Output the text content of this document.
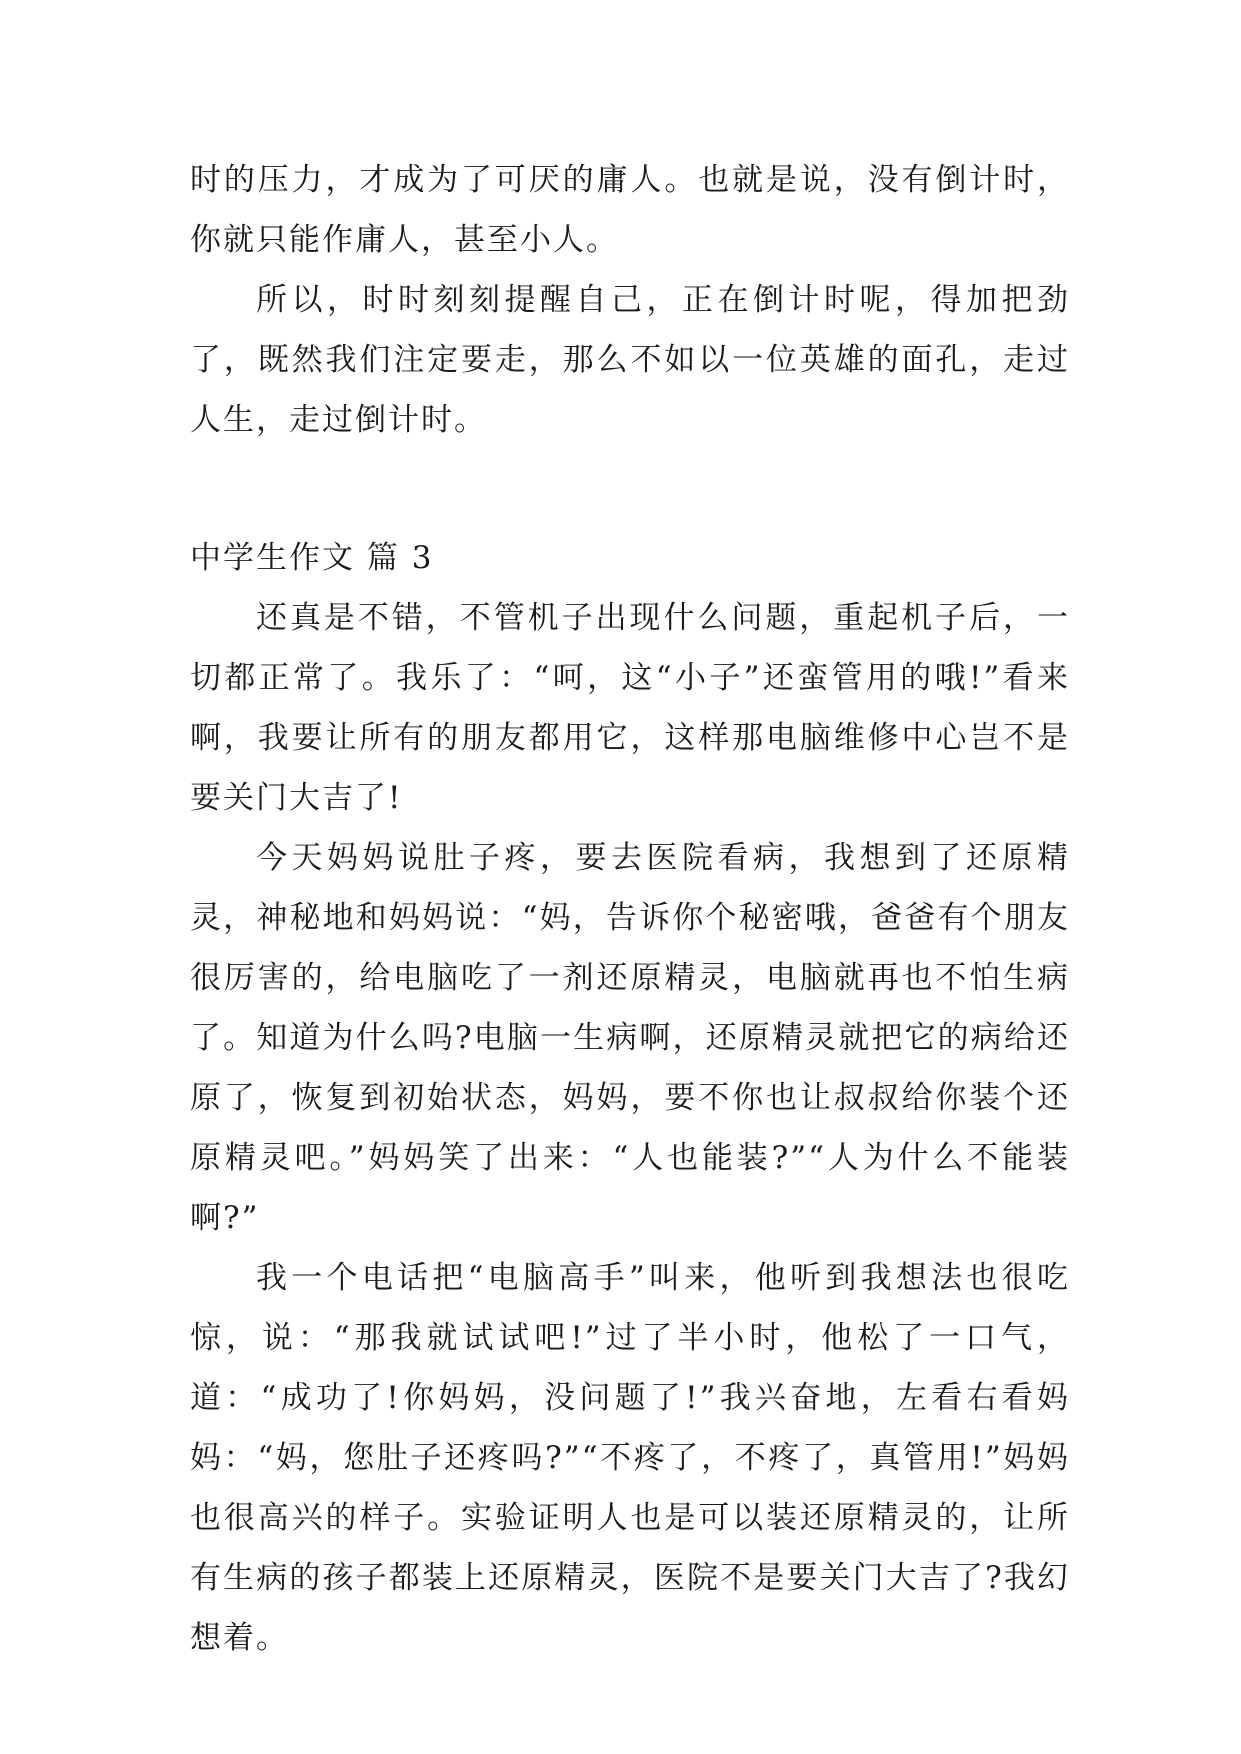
时的压力，才成为了可厌的庸人。也就是说，没有倒计时，你就只能作庸人，甚至小人。

所以，时时刻刻提醒自己，正在倒计时呢，得加把劲了，既然我们注定要走，那么不如以一位英雄的面孔，走过人生，走过倒计时。

中学生作文 篇 3

还真是不错，不管机子出现什么问题，重起机子后，一切都正常了。我乐了：“呵，这“小子”还蛮管用的哦!”看来啊，我要让所有的朋友都用它，这样那电脑维修中心岂不是要关门大吉了!

今天妈妈说肚子疼，要去医院看病，我想到了还原精灵，神秘地和妈妈说：“妈，告诉你个秘密哦，爸爸有个朋友很厉害的，给电脑吃了一剂还原精灵，电脑就再也不怕生病了。知道为什么吗?电脑一生病啊，还原精灵就把它的病给还原了，恢复到初始状态，妈妈，要不你也让叔叔给你装个还原精灵吧。”妈妈笑了出来：“人也能装?”“人为什么不能装啊?”

我一个电话把“电脑高手”叫来，他听到我想法也很吃惊，说：“那我就试试吧!”过了半小时，他松了一口气，道：“成功了!你妈妈，没问题了!”我兴奋地，左看右看妈妈：“妈，您肚子还疼吗?”“不疼了，不疼了，真管用!”妈妈也很高兴的样子。实验证明人也是可以装还原精灵的，让所有生病的孩子都装上还原精灵，医院不是要关门大吉了?我幻想着。
